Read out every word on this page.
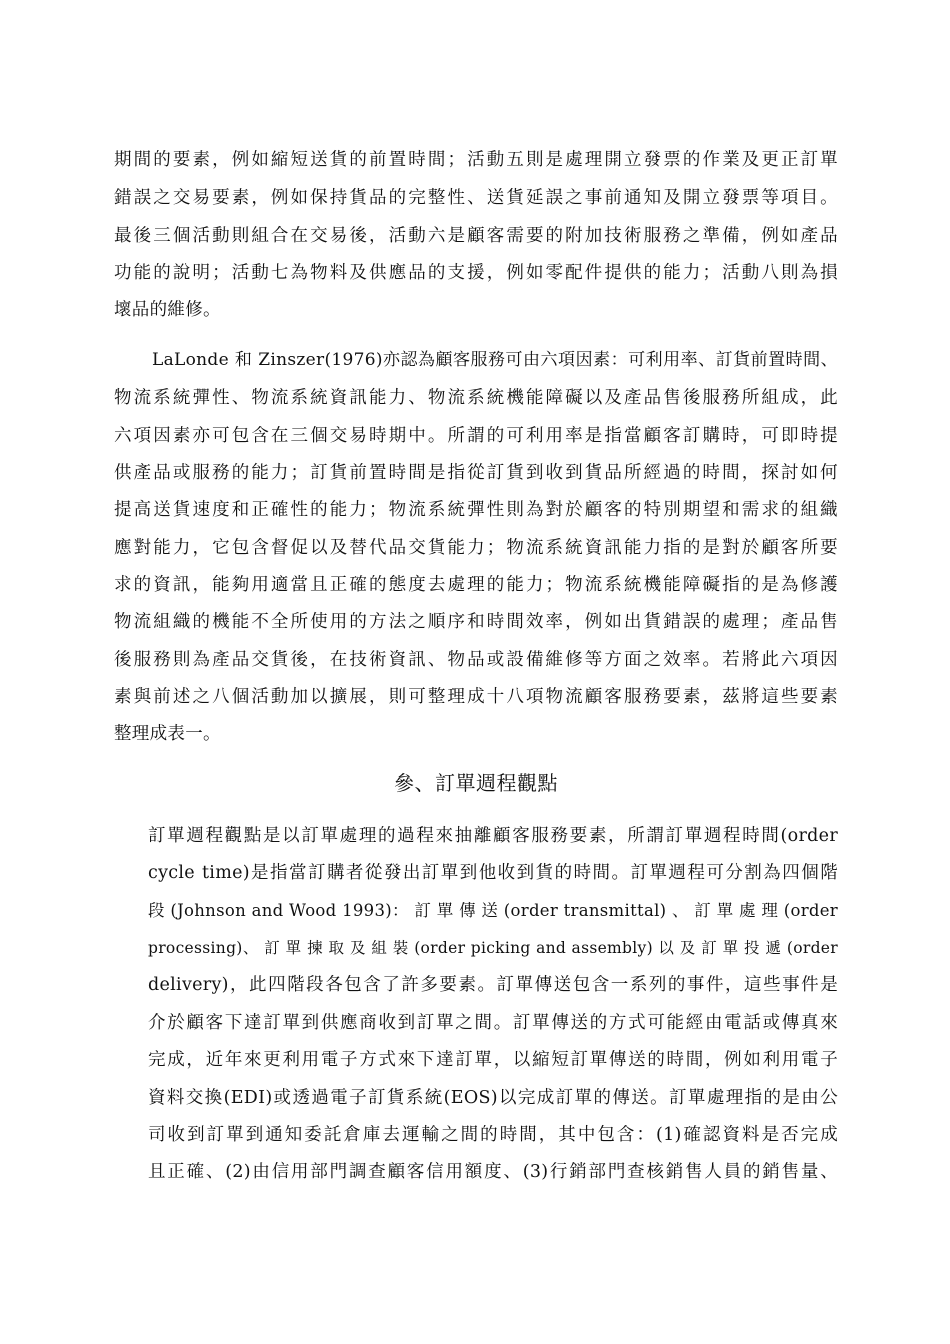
期間的要素，例如縮短送貨的前置時間；活動五則是處理開立發票的作業及更正訂單
錯誤之交易要素，例如保持貨品的完整性、送貨延誤之事前通知及開立發票等項目。
最後三個活動則組合在交易後，活動六是顧客需要的附加技術服務之準備，例如產品
功能的說明；活動七為物料及供應品的支援，例如零配件提供的能力；活動八則為損
壞品的維修。
LaLonde 和 Zinszer(1976)亦認為顧客服務可由六項因素：可利用率、訂貨前置時間、
物流系統彈性、物流系統資訊能力、物流系統機能障礙以及產品售後服務所組成，此
六項因素亦可包含在三個交易時期中。所謂的可利用率是指當顧客訂購時，可即時提
供產品或服務的能力；訂貨前置時間是指從訂貨到收到貨品所經過的時間，探討如何
提高送貨速度和正確性的能力；物流系統彈性則為對於顧客的特別期望和需求的組織
應對能力，它包含督促以及替代品交貨能力；物流系統資訊能力指的是對於顧客所要
求的資訊，能夠用適當且正確的態度去處理的能力；物流系統機能障礙指的是為修護
物流組織的機能不全所使用的方法之順序和時間效率，例如出貨錯誤的處理；產品售
後服務則為產品交貨後，在技術資訊、物品或設備維修等方面之效率。若將此六項因
素與前述之八個活動加以擴展，則可整理成十八項物流顧客服務要素，茲將這些要素
整理成表一。
參、訂單週程觀點
訂單週程觀點是以訂單處理的過程來抽離顧客服務要素，所謂訂單週程時間(order
cycle time)是指當訂購者從發出訂單到他收到貨的時間。訂單週程可分割為四個階
段 (Johnson and Wood 1993)： 訂 單 傳 送 (order transmittal) 、 訂 單 處 理 (order
processing)、 訂 單 揀 取 及 組 裝 (order picking and assembly) 以 及 訂 單 投 遞 (order
delivery)，此四階段各包含了許多要素。訂單傳送包含一系列的事件，這些事件是
介於顧客下達訂單到供應商收到訂單之間。訂單傳送的方式可能經由電話或傳真來
完成，近年來更利用電子方式來下達訂單，以縮短訂單傳送的時間，例如利用電子
資料交換(EDI)或透過電子訂貨系統(EOS)以完成訂單的傳送。訂單處理指的是由公
司收到訂單到通知委託倉庫去運輸之間的時間，其中包含：(1)確認資料是否完成
且正確、(2)由信用部門調查顧客信用額度、(3)行銷部門查核銷售人員的銷售量、
